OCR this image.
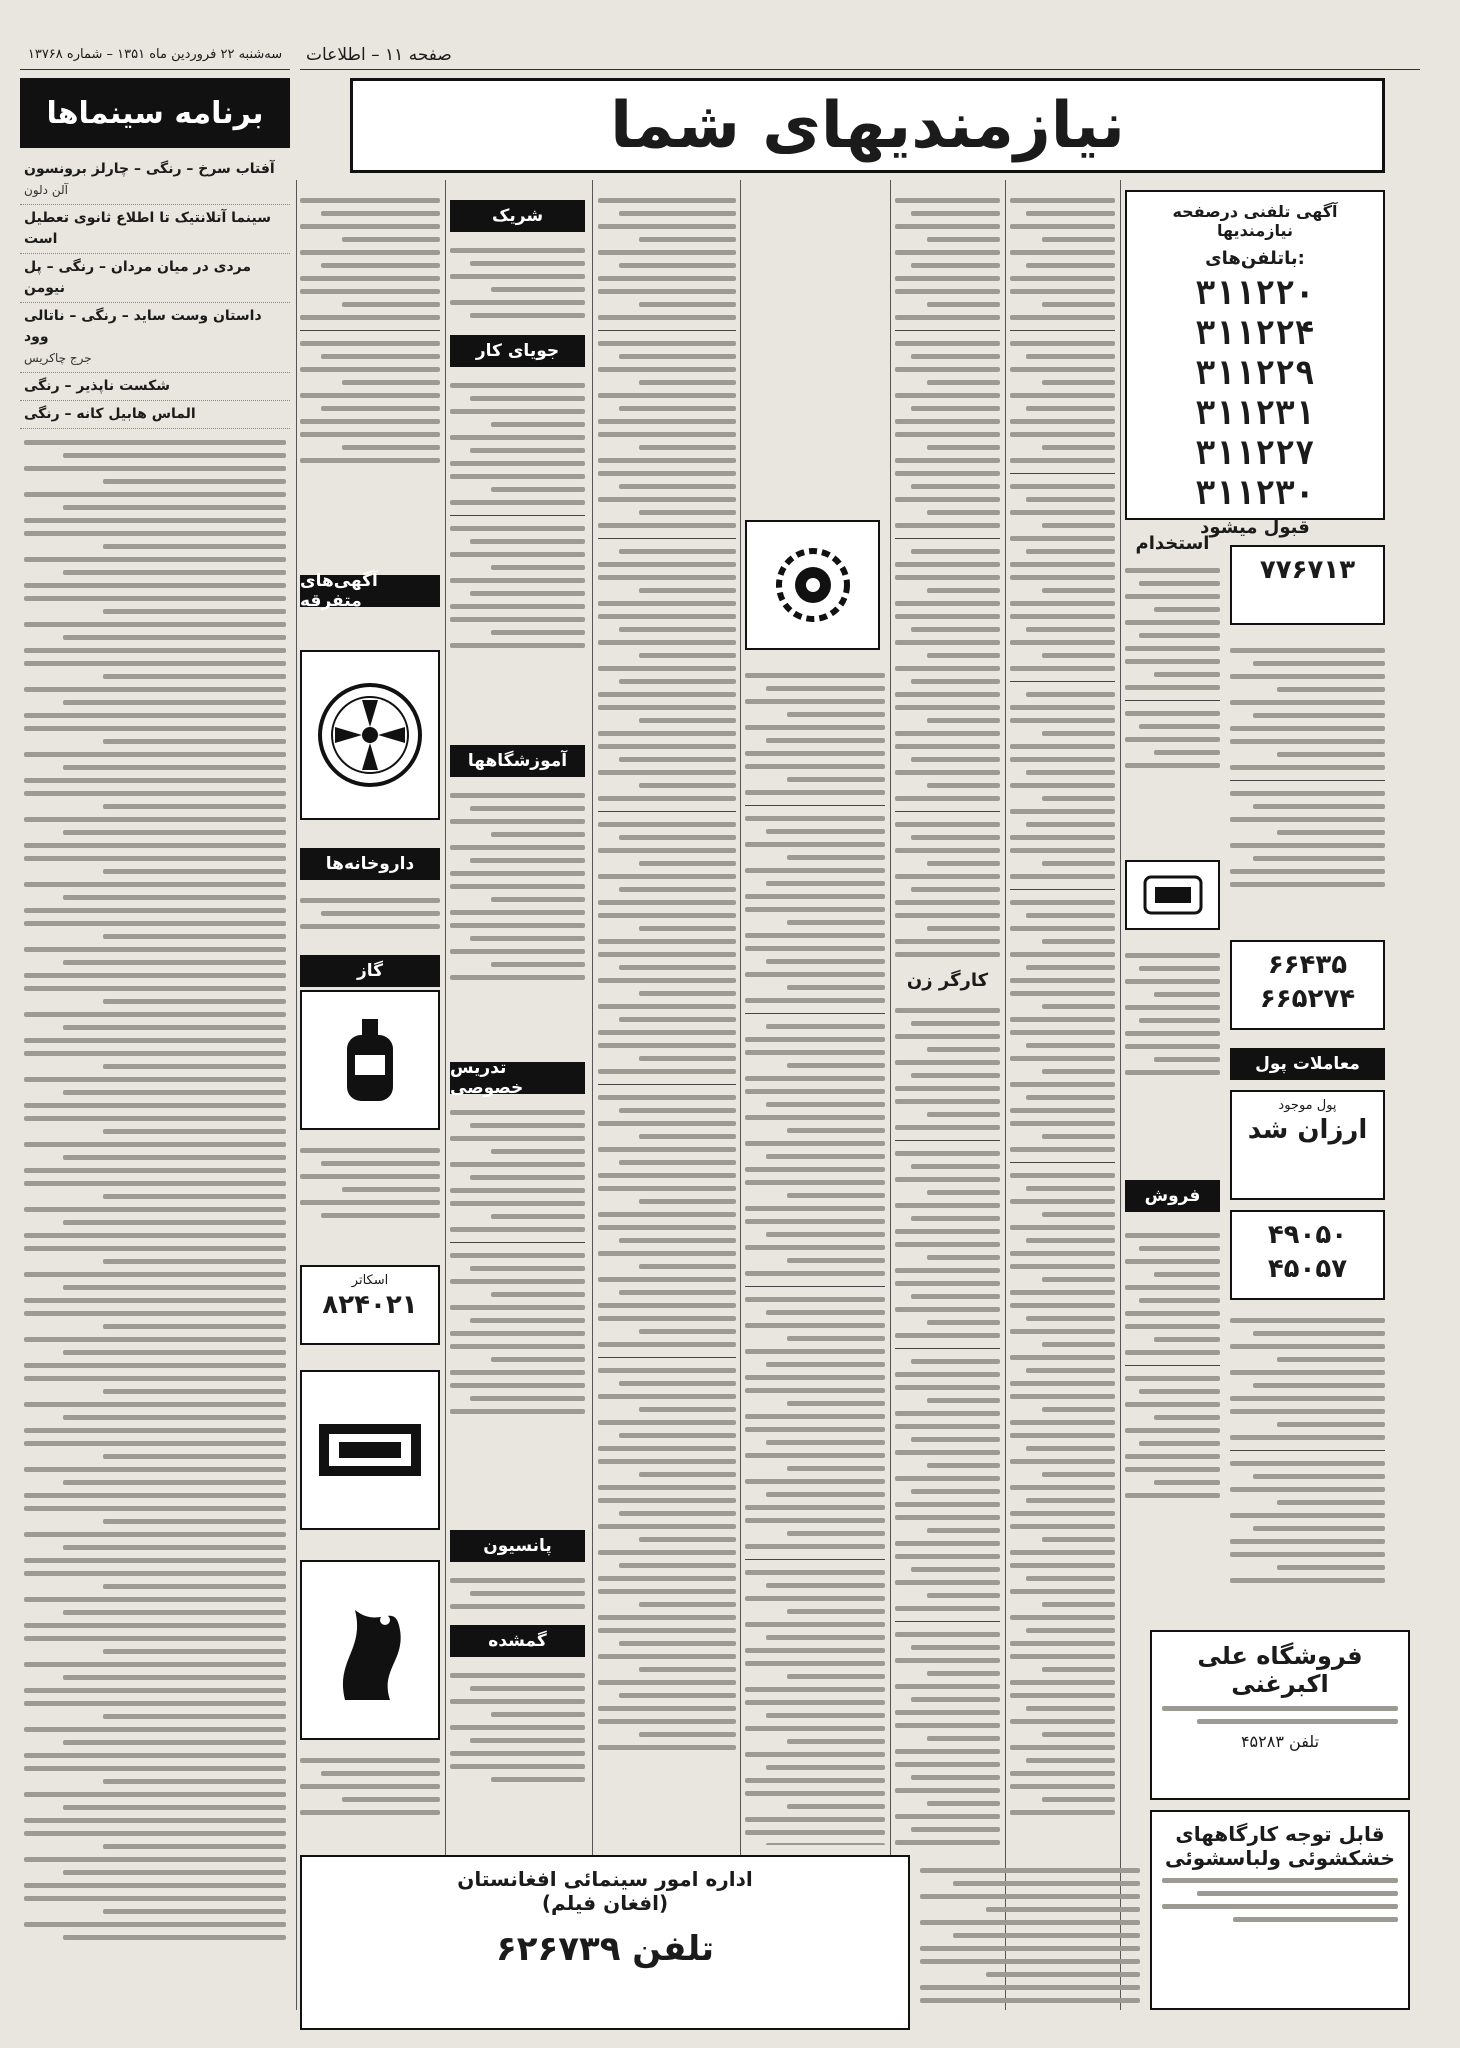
صفحه ۱۱ – اطلاعات
سه‌شنبه ۲۲ فروردین ماه ۱۳۵۱ – شماره ۱۳۷۶۸
نیازمندیهای شما
برنامه سینماها
آفتاب سرخ – رنگی – چارلز برونسون
آلن دلون
سینما آتلانتیک تا اطلاع ثانوی تعطیل است
مردی در میان مردان – رنگی – پل نیومن
داستان وست ساید – رنگی – ناتالی وود
جرج چاکریس
شکست ناپذیر – رنگی
الماس هابیل کانه – رنگی
آگهی تلفنی درصفحه نیازمندیها
باتلفن‌های:
۳۱۱۲۲۰
۳۱۱۲۲۴
۳۱۱۲۲۹
۳۱۱۲۳۱
۳۱۱۲۲۷
۳۱۱۲۳۰
قبول میشود
۷۷۶۷۱۳
۶۶۴۳۵
۶۶۵۲۷۴
معاملات پول
پول موجود
ارزان شد
۴۹۰۵۰
۴۵۰۵۷
فروش
استخدام
شریک
جویای کار
آگهی‌های متفرقه
آموزشگاهها
داروخانه‌ها
گاز
تدریس خصوصی
پانسیون
گمشده
کارگر زن
اسکاتر
۸۲۴۰۲۱
اداره امور سینمائی افغانستان
(افغان فیلم)
تلفن ۶۲۶۷۳۹
فروشگاه علی اکبرغنی
تلفن ۴۵۲۸۳
قابل توجه کارگاههای
خشکشوئی ولباسشوئی
